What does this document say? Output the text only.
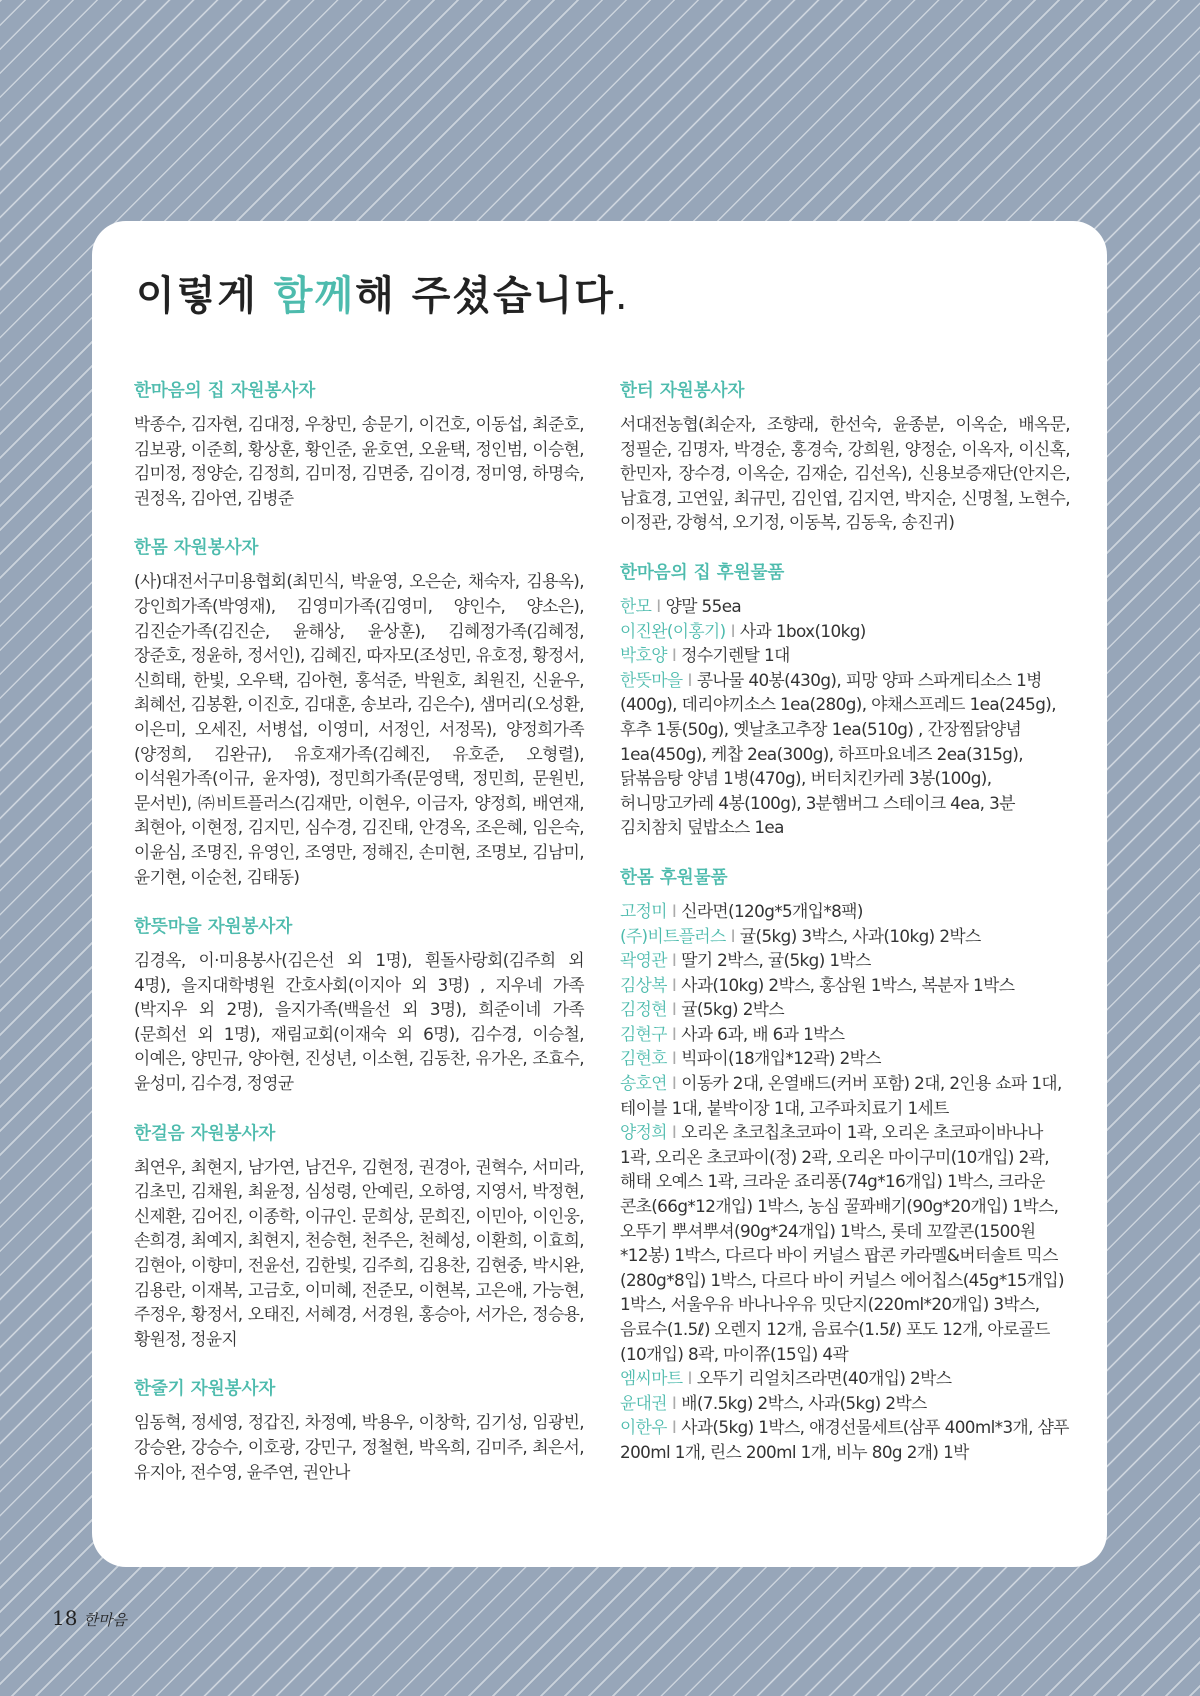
이렇게 함께해 주셨습니다.
한마음의 집 자원봉사자
박종수, 김자현, 김대정, 우창민, 송문기, 이건호, 이동섭, 최준호, 김보광, 이준희, 황상훈, 황인준, 윤호연, 오윤택, 정인범, 이승현, 김미정, 정양순, 김정희, 김미정, 김면중, 김이경, 정미영, 하명숙, 권정옥, 김아연, 김병준
한몸 자원봉사자
(사)대전서구미용협회(최민식, 박윤영, 오은순, 채숙자, 김용옥), 강인희가족(박영재), 김영미가족(김영미, 양인수, 양소은), 김진순가족(김진순, 윤해상, 윤상훈), 김혜정가족(김혜정, 장준호, 정윤하, 정서인), 김혜진, 따자모(조성민, 유호정, 황정서, 신희태, 한빛, 오우택, 김아현, 홍석준, 박원호, 최원진, 신윤우, 최혜선, 김봉환, 이진호, 김대훈, 송보라, 김은수), 샘머리(오성환, 이은미, 오세진, 서병섭, 이영미, 서정인, 서정목), 양정희가족(양정희, 김완규), 유호재가족(김혜진, 유호준, 오형렬), 이석원가족(이규, 윤자영), 정민희가족(문영택, 정민희, 문원빈, 문서빈), ㈜비트플러스(김재만, 이현우, 이금자, 양정희, 배연재, 최현아, 이현정, 김지민, 심수경, 김진태, 안경옥, 조은혜, 임은숙, 이윤심, 조명진, 유영인, 조영만, 정해진, 손미현, 조명보, 김남미, 윤기현, 이순천, 김태동)
한뜻마을 자원봉사자
김경옥, 이·미용봉사(김은선 외 1명), 흰돌사랑회(김주희 외 4명), 을지대학병원 간호사회(이지아 외 3명) , 지우네 가족(박지우 외 2명), 을지가족(백을선 외 3명), 희준이네 가족(문희선 외 1명), 재림교회(이재숙 외 6명), 김수경, 이승철, 이예은, 양민규, 양아현, 진성년, 이소현, 김동찬, 유가온, 조효수, 윤성미, 김수경, 정영균
한걸음 자원봉사자
최연우, 최현지, 남가연, 남건우, 김현정, 권경아, 권혁수, 서미라, 김초민, 김채원, 최윤정, 심성령, 안예린, 오하영, 지영서, 박정현, 신제환, 김어진, 이종학, 이규인. 문희상, 문희진, 이민아, 이인웅, 손희경, 최예지, 최현지, 천승현, 천주은, 천혜성, 이환희, 이효희, 김현아, 이향미, 전윤선, 김한빛, 김주희, 김용찬, 김현중, 박시완, 김용란, 이재복, 고금호, 이미혜, 전준모, 이현복, 고은애, 가능현, 주정우, 황정서, 오태진, 서혜경, 서경원, 홍승아, 서가은, 정승용, 황원정, 정윤지
한줄기 자원봉사자
임동혁, 정세영, 정갑진, 차정예, 박용우, 이창학, 김기성, 임광빈, 강승완, 강승수, 이호광, 강민구, 정철현, 박옥희, 김미주, 최은서, 유지아, 전수영, 윤주연, 권안나
한터 자원봉사자
서대전농협(최순자, 조향래, 한선숙, 윤종분, 이옥순, 배옥문, 정필순, 김명자, 박경순, 홍경숙, 강희원, 양정순, 이옥자, 이신혹, 한민자, 장수경, 이옥순, 김재순, 김선옥), 신용보증재단(안지은, 남효경, 고연잎, 최규민, 김인엽, 김지연, 박지순, 신명철, 노현수, 이정관, 강형석, 오기정, 이동복, 김동욱, 송진귀)
한마음의 집 후원물품
한모 I 양말 55ea
이진완(이홍기) I 사과 1box(10kg)
박호양 I 정수기렌탈 1대
한뜻마을 I 콩나물 40봉(430g), 피망 양파 스파게티소스 1병(400g), 데리야끼소스 1ea(280g), 야채스프레드 1ea(245g), 후추 1통(50g), 옛날초고추장 1ea(510g) , 간장찜닭양념 1ea(450g), 케찹 2ea(300g), 하프마요네즈 2ea(315g), 닭볶음탕 양념 1병(470g), 버터치킨카레 3봉(100g), 허니망고카레 4봉(100g), 3분햄버그 스테이크 4ea, 3분 김치참치 덮밥소스 1ea
한몸 후원물품
고정미 I 신라면(120g*5개입*8팩)
(주)비트플러스 I 귤(5kg) 3박스, 사과(10kg) 2박스
곽영관 I 딸기 2박스, 귤(5kg) 1박스
김상복 I 사과(10kg) 2박스, 홍삼원 1박스, 복분자 1박스
김정현 I 귤(5kg) 2박스
김현구 I 사과 6과, 배 6과 1박스
김현호 I 빅파이(18개입*12곽) 2박스
송호연 I 이동카 2대, 온열배드(커버 포함) 2대, 2인용 쇼파 1대, 테이블 1대, 붙박이장 1대, 고주파치료기 1세트
양정희 I 오리온 초코칩초코파이 1곽, 오리온 초코파이바나나 1곽, 오리온 초코파이(정) 2곽, 오리온 마이구미(10개입) 2곽, 해태 오예스 1곽, 크라운 죠리퐁(74g*16개입) 1박스, 크라운 콘초(66g*12개입) 1박스, 농심 꿀꽈배기(90g*20개입) 1박스, 오뚜기 뿌셔뿌셔(90g*24개입) 1박스, 롯데 꼬깔콘(1500원*12봉) 1박스, 다르다 바이 커널스 팝콘 카라멜&버터솔트 믹스(280g*8입) 1박스, 다르다 바이 커널스 에어칩스(45g*15개입) 1박스, 서울우유 바나나우유 밋단지(220ml*20개입) 3박스, 음료수(1.5ℓ) 오렌지 12개, 음료수(1.5ℓ) 포도 12개, 아로골드(10개입) 8곽, 마이쮸(15입) 4곽
엠씨마트 I 오뚜기 리얼치즈라면(40개입) 2박스
윤대권 I 배(7.5kg) 2박스, 사과(5kg) 2박스
이한우 I 사과(5kg) 1박스, 애경선물세트(삼푸 400ml*3개, 샴푸 200ml 1개, 린스 200ml 1개, 비누 80g 2개) 1박
18 한마음
